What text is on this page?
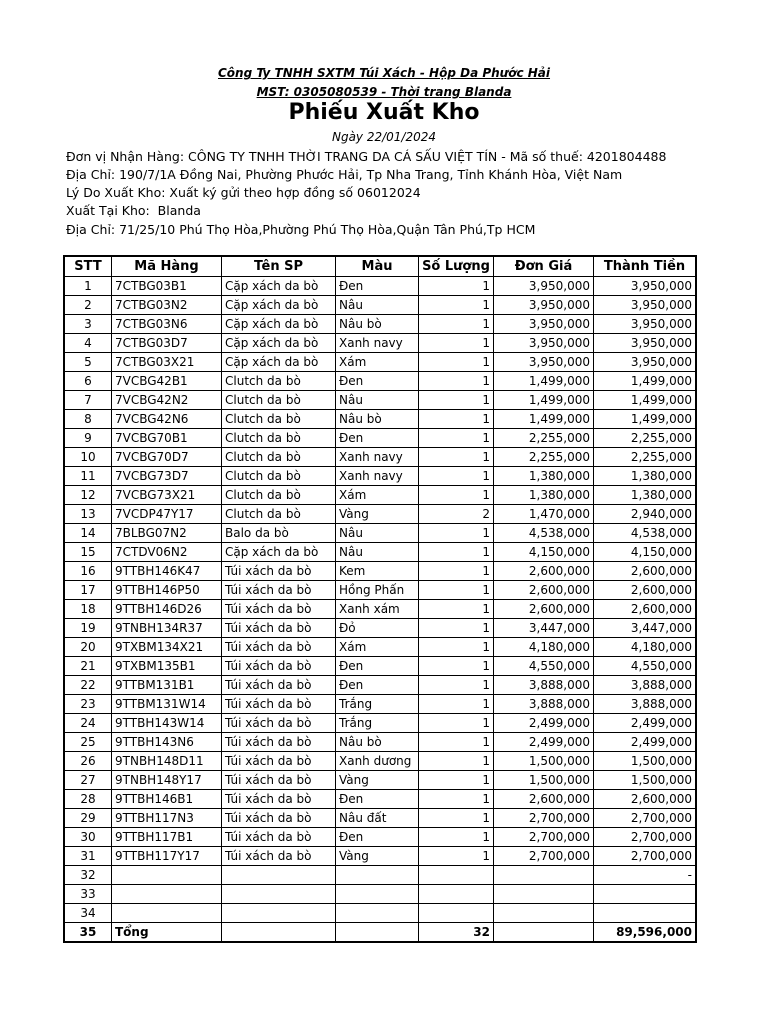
Công Ty TNHH SXTM Túi Xách - Hộp Da Phước Hải
MST: 0305080539 - Thời trang Blanda
Phiếu Xuất Kho
Ngày 22/01/2024
Đơn vị Nhận Hàng: CÔNG TY TNHH THỜI TRANG DA CÁ SẤU VIỆT TÍN - Mã số thuế: 4201804488
Địa Chỉ: 190/7/1A Đồng Nai, Phường Phước Hải, Tp Nha Trang, Tỉnh Khánh Hòa, Việt Nam
Lý Do Xuất Kho: Xuất ký gửi theo hợp đồng số 06012024
Xuất Tại Kho:  Blanda
Địa Chỉ: 71/25/10 Phú Thọ Hòa,Phường Phú Thọ Hòa,Quận Tân Phú,Tp HCM
STT	Mã Hàng	Tên SP	Màu	Số Lượng	Đơn Giá	Thành Tiền
1	7CTBG03B1	Cặp xách da bò	Đen	1	3,950,000	3,950,000
2	7CTBG03N2	Cặp xách da bò	Nâu	1	3,950,000	3,950,000
3	7CTBG03N6	Cặp xách da bò	Nâu bò	1	3,950,000	3,950,000
4	7CTBG03D7	Cặp xách da bò	Xanh navy	1	3,950,000	3,950,000
5	7CTBG03X21	Cặp xách da bò	Xám	1	3,950,000	3,950,000
6	7VCBG42B1	Clutch da bò	Đen	1	1,499,000	1,499,000
7	7VCBG42N2	Clutch da bò	Nâu	1	1,499,000	1,499,000
8	7VCBG42N6	Clutch da bò	Nâu bò	1	1,499,000	1,499,000
9	7VCBG70B1	Clutch da bò	Đen	1	2,255,000	2,255,000
10	7VCBG70D7	Clutch da bò	Xanh navy	1	2,255,000	2,255,000
11	7VCBG73D7	Clutch da bò	Xanh navy	1	1,380,000	1,380,000
12	7VCBG73X21	Clutch da bò	Xám	1	1,380,000	1,380,000
13	7VCDP47Y17	Clutch da bò	Vàng	2	1,470,000	2,940,000
14	7BLBG07N2	Balo da bò	Nâu	1	4,538,000	4,538,000
15	7CTDV06N2	Cặp xách da bò	Nâu	1	4,150,000	4,150,000
16	9TTBH146K47	Túi xách da bò	Kem	1	2,600,000	2,600,000
17	9TTBH146P50	Túi xách da bò	Hồng Phấn	1	2,600,000	2,600,000
18	9TTBH146D26	Túi xách da bò	Xanh xám	1	2,600,000	2,600,000
19	9TNBH134R37	Túi xách da bò	Đỏ	1	3,447,000	3,447,000
20	9TXBM134X21	Túi xách da bò	Xám	1	4,180,000	4,180,000
21	9TXBM135B1	Túi xách da bò	Đen	1	4,550,000	4,550,000
22	9TTBM131B1	Túi xách da bò	Đen	1	3,888,000	3,888,000
23	9TTBM131W14	Túi xách da bò	Trắng	1	3,888,000	3,888,000
24	9TTBH143W14	Túi xách da bò	Trắng	1	2,499,000	2,499,000
25	9TTBH143N6	Túi xách da bò	Nâu bò	1	2,499,000	2,499,000
26	9TNBH148D11	Túi xách da bò	Xanh dương	1	1,500,000	1,500,000
27	9TNBH148Y17	Túi xách da bò	Vàng	1	1,500,000	1,500,000
28	9TTBH146B1	Túi xách da bò	Đen	1	2,600,000	2,600,000
29	9TTBH117N3	Túi xách da bò	Nâu đất	1	2,700,000	2,700,000
30	9TTBH117B1	Túi xách da bò	Đen	1	2,700,000	2,700,000
31	9TTBH117Y17	Túi xách da bò	Vàng	1	2,700,000	2,700,000
32						-
33						
34						
35	Tổng			32		89,596,000
